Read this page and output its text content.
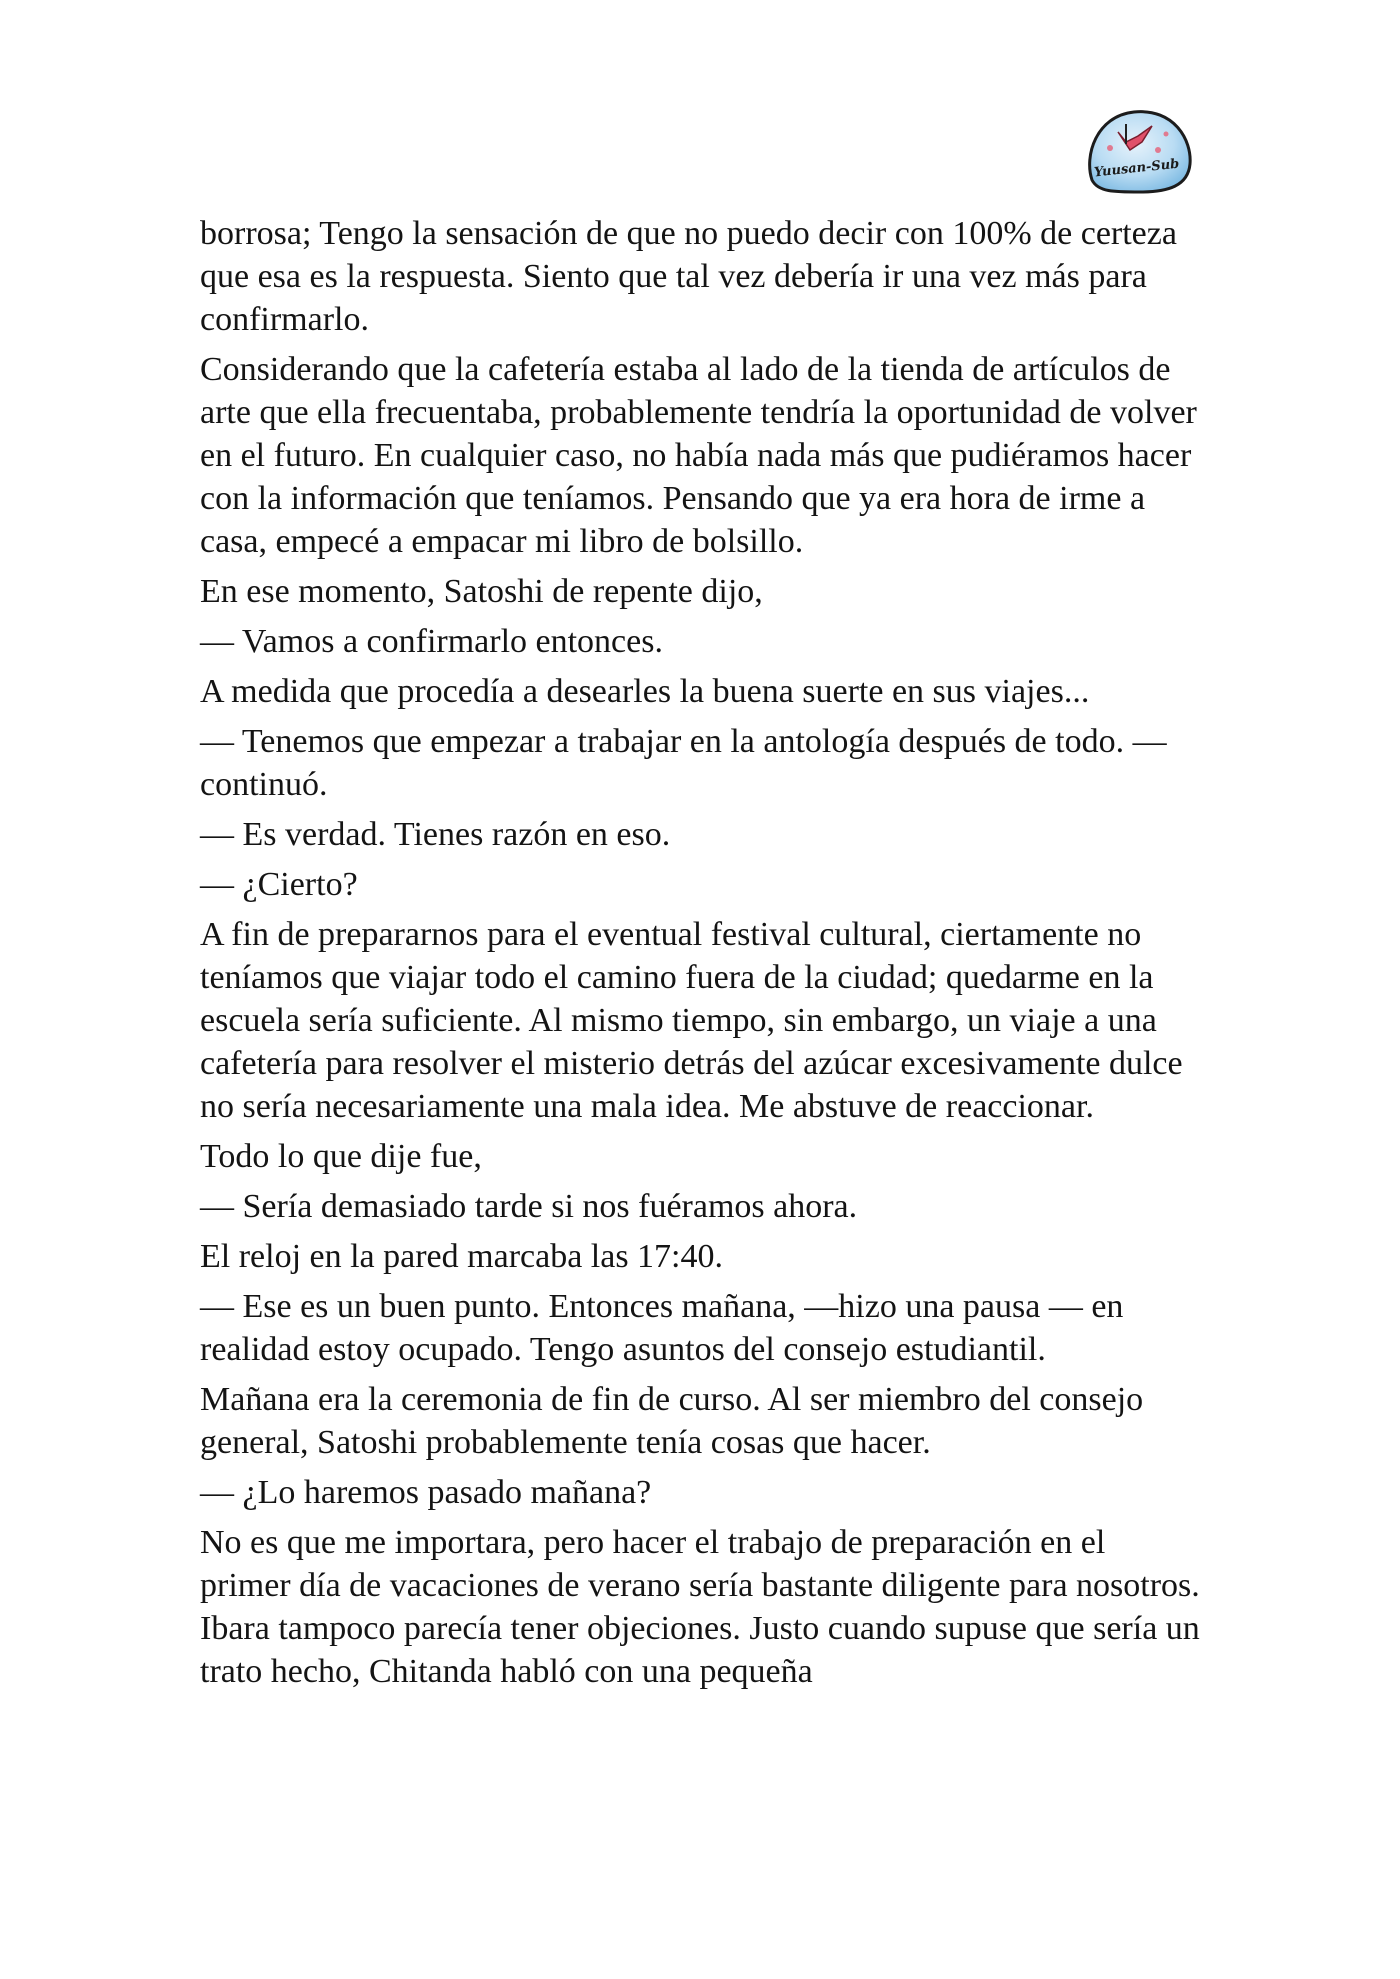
Yuusan-Sub

borrosa; Tengo la sensación de que no puedo decir con 100% de certeza que esa es la respuesta. Siento que tal vez debería ir una vez más para confirmarlo.

Considerando que la cafetería estaba al lado de la tienda de artículos de arte que ella frecuentaba, probablemente tendría la oportunidad de volver en el futuro. En cualquier caso, no había nada más que pudiéramos hacer con la información que teníamos. Pensando que ya era hora de irme a casa, empecé a empacar mi libro de bolsillo.

En ese momento, Satoshi de repente dijo,

— Vamos a confirmarlo entonces.

A medida que procedía a desearles la buena suerte en sus viajes...

— Tenemos que empezar a trabajar en la antología después de todo. — continuó.

— Es verdad. Tienes razón en eso.

— ¿Cierto?

A fin de prepararnos para el eventual festival cultural, ciertamente no teníamos que viajar todo el camino fuera de la ciudad; quedarme en la escuela sería suficiente. Al mismo tiempo, sin embargo, un viaje a una cafetería para resolver el misterio detrás del azúcar excesivamente dulce no sería necesariamente una mala idea. Me abstuve de reaccionar.

Todo lo que dije fue,

— Sería demasiado tarde si nos fuéramos ahora.

El reloj en la pared marcaba las 17:40.

— Ese es un buen punto. Entonces mañana, —hizo una pausa — en realidad estoy ocupado. Tengo asuntos del consejo estudiantil.

Mañana era la ceremonia de fin de curso. Al ser miembro del consejo general, Satoshi probablemente tenía cosas que hacer.

— ¿Lo haremos pasado mañana?

No es que me importara, pero hacer el trabajo de preparación en el primer día de vacaciones de verano sería bastante diligente para nosotros. Ibara tampoco parecía tener objeciones. Justo cuando supuse que sería un trato hecho, Chitanda habló con una pequeña
